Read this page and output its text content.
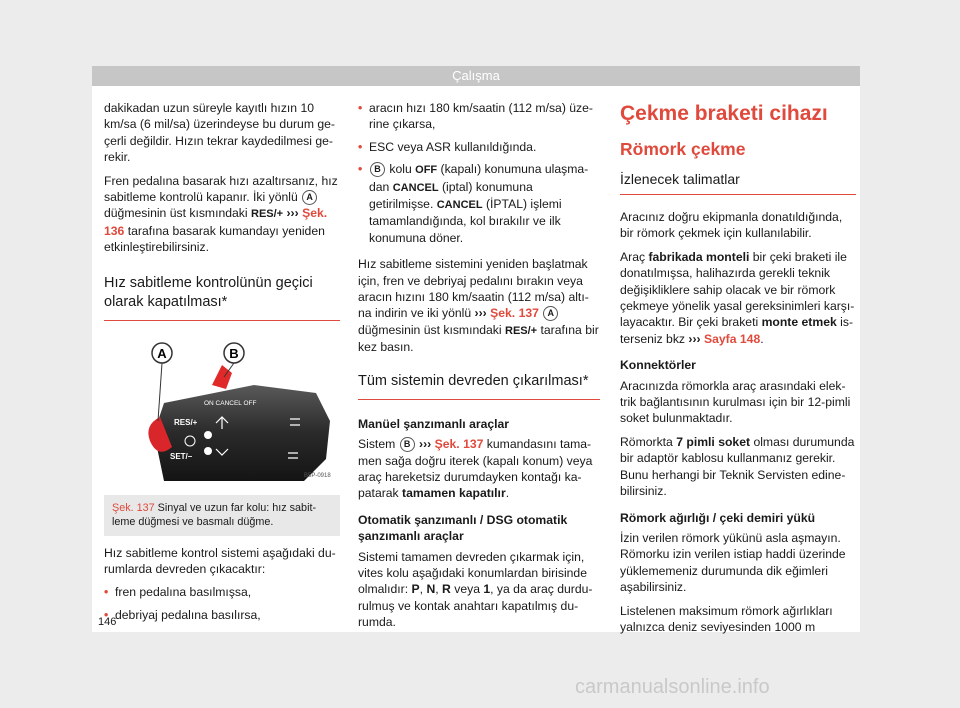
Çalışma

dakikadan uzun süreyle kayıtlı hızın 10 km/sa (6 mil/sa) üzerindeyse bu durum ge-çerli değildir. Hızın tekrar kaydedilmesi ge-rekir.

Fren pedalına basarak hızı azaltırsanız, hız sabitleme kontrolü kapanır. İki yönlü A düğmesinin üst kısmındaki RES/+ ››› Şek. 136 tarafına basarak kumandayı yeniden etkinleştirebilirsiniz.

Hız sabitleme kontrolünün geçici olarak kapatılması*
A	B
ON CANCEL OFF
RES/+
SET/–
B5P-0918
Şek. 137 Sinyal ve uzun far kolu: hız sabit-leme düğmesi ve basmalı düğme.

Hız sabitleme kontrol sistemi aşağıdaki du-rumlarda devreden çıkacaktır:

• fren pedalına basılmışsa,
• debriyaj pedalına basılırsa,
• aracın hızı 180 km/saatin (112 m/sa) üze-rine çıkarsa,
• ESC veya ASR kullanıldığında.
• B kolu OFF (kapalı) konumuna ulaşma-dan CANCEL (iptal) konumuna getirilmişse. CANCEL (İPTAL) işlemi tamamlandığında, kol bırakılır ve ilk konumuna döner.

Hız sabitleme sistemini yeniden başlatmak için, fren ve debriyaj pedalını bırakın veya aracın hızını 180 km/saatin (112 m/sa) altı-na indirin ve iki yönlü ››› Şek. 137 A düğmesinin üst kısmındaki RES/+ tarafına bir kez basın.

Tüm sistemin devreden çıkarılması*
Manüel şanzımanlı araçlar

Sistem B ››› Şek. 137 kumandasını tama-men sağa doğru iterek (kapalı konum) veya araç hareketsiz durumdayken kontağı ka-patarak tamamen kapatılır.

Otomatik şanzımanlı / DSG otomatik şanzımanlı araçlar

Sistemi tamamen devreden çıkarmak için, vites kolu aşağıdaki konumlardan birisinde olmalıdır: P, N, R veya 1, ya da araç durdu-rulmuş ve kontak anahtarı kapatılmış du-rumda.

Çekme braketi cihazı
Römork çekme
İzlenecek talimatlar

Aracınız doğru ekipmanla donatıldığında, bir römork çekmek için kullanılabilir.

Araç fabrikada monteli bir çeki braketi ile donatılmışsa, halihazırda gerekli teknik değişikliklere sahip olacak ve bir römork çekmeye yönelik yasal gereksinimleri karşı-layacaktır. Bir çeki braketi monte etmek is-terseniz bkz ››› Sayfa 148.

Konnektörler

Aracınızda römorkla araç arasındaki elek-trik bağlantısının kurulması için bir 12-pimli soket bulunmaktadır.

Römorkta 7 pimli soket olması durumunda bir adaptör kablosu kullanmanız gerekir. Bunu herhangi bir Teknik Servisten edine-bilirsiniz.

Römork ağırlığı / çeki demiri yükü

İzin verilen römork yükünü asla aşmayın. Römorku izin verilen istiap haddi üzerinde yüklememeniz durumunda dik eğimleri aşabilirsiniz.

Listelenen maksimum römork ağırlıkları yalnızca deniz seviyesinden 1000 m

146
carmanualsonline.info
